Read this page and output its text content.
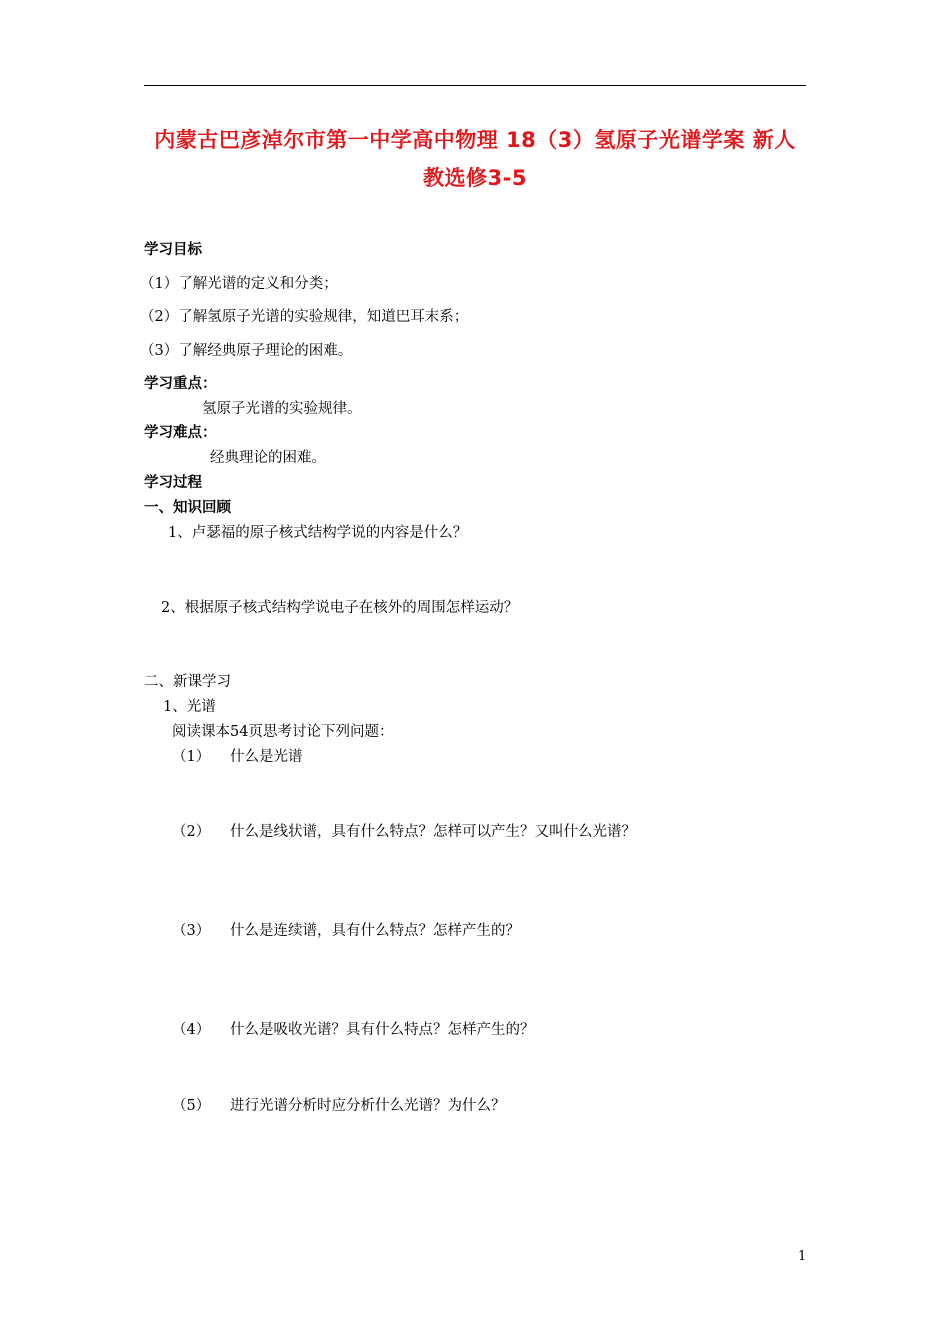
内蒙古巴彦淖尔市第一中学高中物理 18（3）氢原子光谱学案 新人
教选修3-5
学习目标
（1）了解光谱的定义和分类；
（2）了解氢原子光谱的实验规律，知道巴耳末系；
（3）了解经典原子理论的困难。
学习重点：
氢原子光谱的实验规律。
学习难点：
经典理论的困难。
学习过程
一、知识回顾
1、卢瑟福的原子核式结构学说的内容是什么？
2、根据原子核式结构学说电子在核外的周围怎样运动？
二、新课学习
1、光谱
阅读课本54页思考讨论下列问题：
（1） 什么是光谱
（2） 什么是线状谱，具有什么特点？怎样可以产生？又叫什么光谱？
（3） 什么是连续谱，具有什么特点？怎样产生的？
（4） 什么是吸收光谱？具有什么特点？怎样产生的？
（5） 进行光谱分析时应分析什么光谱？为什么？
1
